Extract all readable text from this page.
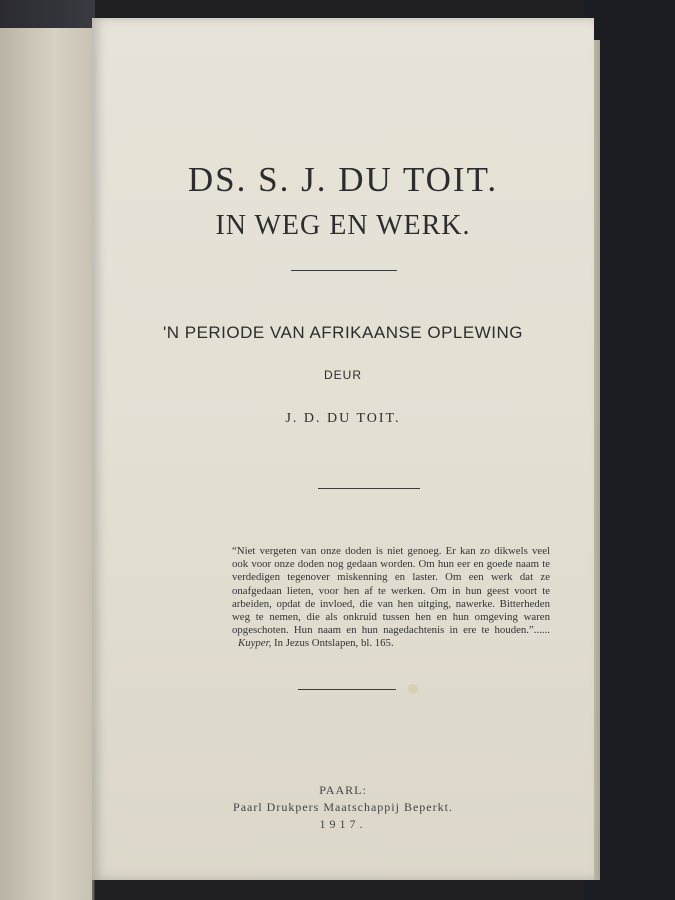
DS. S. J. DU TOIT.
IN WEG EN WERK.
'N PERIODE VAN AFRIKAANSE OPLEWING
DEUR
J. D. DU TOIT.
“Niet vergeten van onze doden is niet genoeg. Er kan zo dikwels veel ook voor onze doden nog gedaan worden. Om hun eer en goede naam te verdedigen tegenover miskenning en laster. Om een werk dat ze onafgedaan lieten, voor hen af te werken. Om in hun geest voort te arbeiden, opdat de invloed, die van hen uitging, nawerke. Bitterheden weg te nemen, die als onkruid tussen hen en hun omgeving waren opgeschoten. Hun naam en hun nagedachtenis in ere te houden.”...... Kuyper, In Jezus Ontslapen, bl. 165.
PAARL:
Paarl Drukpers Maatschappij Beperkt.
1917.
